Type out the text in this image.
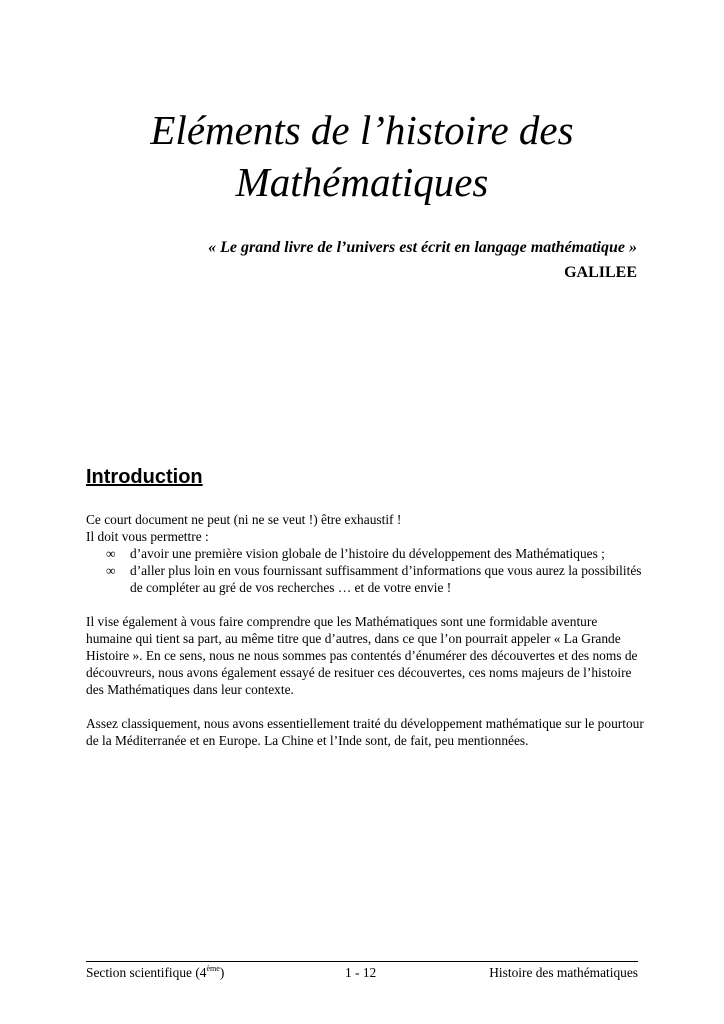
Eléments de l’histoire des
Mathématiques
« Le grand livre de l’univers est écrit en langage mathématique »
GALILEE
Introduction

Ce court document ne peut (ni ne se veut !) être exhaustif !

Il doit vous permettre :

∞	d’avoir une première vision globale de l’histoire du développement des Mathématiques ;
∞	d’aller plus loin en vous fournissant suffisamment d’informations que vous aurez la possibilités de compléter au gré de vos recherches … et de votre envie !

Il vise également à vous faire comprendre que les Mathématiques sont une formidable aventure humaine qui tient sa part, au même titre que d’autres, dans ce que l’on pourrait appeler « La Grande Histoire ». En ce sens, nous ne nous sommes pas contentés d’énumérer des découvertes et des noms de découvreurs, nous avons également essayé de resituer ces découvertes, ces noms majeurs de l’histoire des Mathématiques dans leur contexte.

Assez classiquement, nous avons essentiellement traité du développement mathématique sur le pourtour de la Méditerranée et en Europe. La Chine et l’Inde sont, de fait, peu mentionnées.

Section scientifique (4ème)	1 - 12	Histoire des mathématiques
